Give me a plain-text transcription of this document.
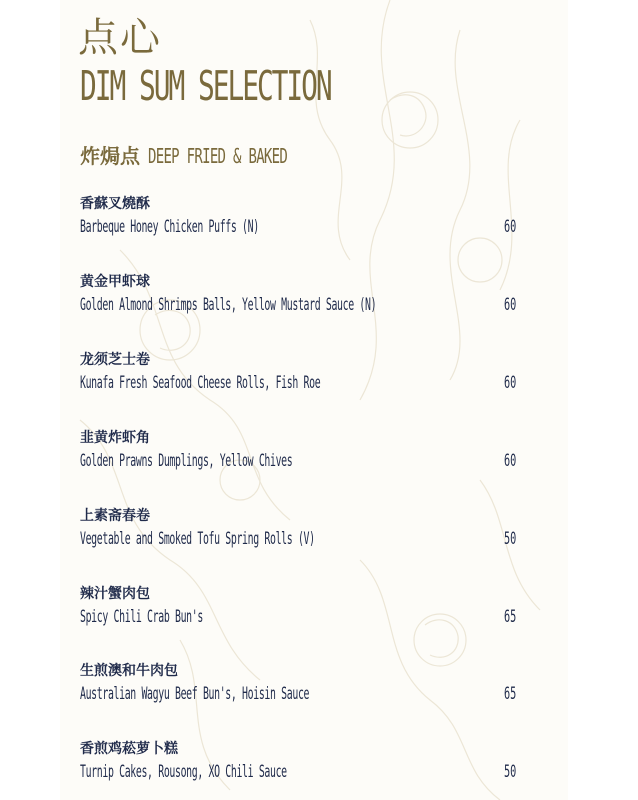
点心
DIM SUM SELECTION
炸焗点 DEEP FRIED & BAKED
香蘇叉燒酥
Barbeque Honey Chicken Puffs (N)	60
黄金甲虾球
Golden Almond Shrimps Balls, Yellow Mustard Sauce (N)	60
龙须芝士卷
Kunafa Fresh Seafood Cheese Rolls, Fish Roe	60
韭黄炸虾角
Golden Prawns Dumplings, Yellow Chives	60
上素斋春卷
Vegetable and Smoked Tofu Spring Rolls (V)	50
辣汁蟹肉包
Spicy Chili Crab Bun's	65
生煎澳和牛肉包
Australian Wagyu Beef Bun's, Hoisin Sauce	65
香煎鸡菘萝卜糕
Turnip Cakes, Rousong, XO Chili Sauce	50
